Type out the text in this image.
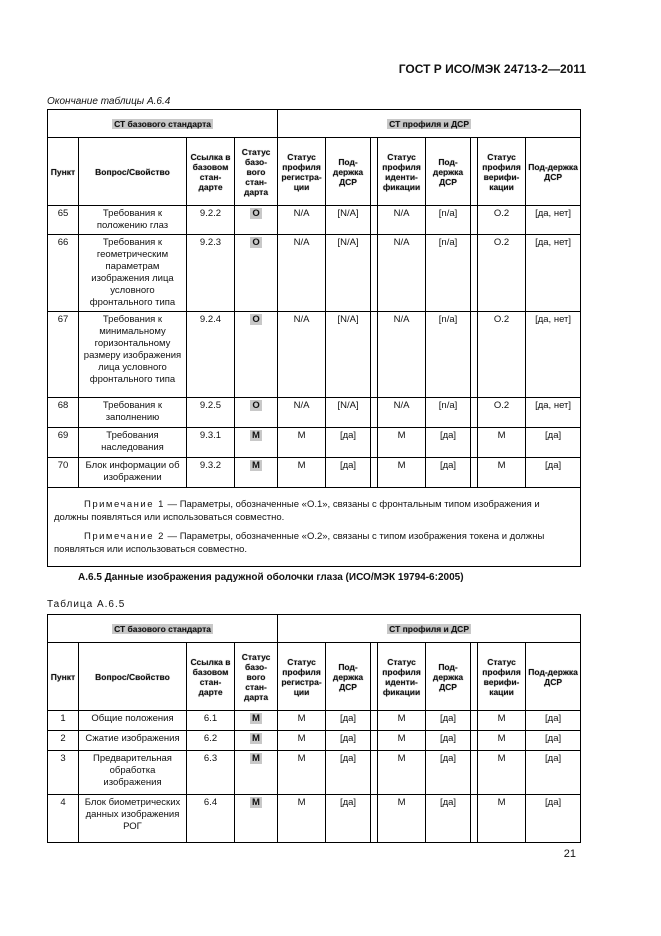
ГОСТ Р ИСО/МЭК 24713-2—2011
Окончание таблицы А.6.4
СТ базового стандарта				СТ профиля и ДСР							
Пункт	Вопрос/Свойство	Ссылка в базовом стан-дарте	Статус базо-вого стан-дарта	Статус профиля регистра-ции	Под-держка ДСР		Статус профиля иденти-фикации	Под-держка ДСР		Статус профиля верифи-кации	Под-держка ДСР
65	Требования к положению глаз	9.2.2	О	N/A	[N/A]		N/A	[n/a]		O.2	[да, нет]
66	Требования к геометрическим параметрам изображения лица условного фронтального типа	9.2.3	О	N/A	[N/A]		N/A	[n/a]		O.2	[да, нет]
67	Требования к минимальному горизонтальному размеру изображения лица условного фронтального типа	9.2.4	О	N/A	[N/A]		N/A	[n/a]		O.2	[да, нет]
68	Требования к заполнению	9.2.5	О	N/A	[N/A]		N/A	[n/a]		O.2	[да, нет]
69	Требования наследования	9.3.1	M	M	[да]		M	[да]		M	[да]
70	Блок информации об изображении	9.3.2	M	M	[да]		M	[да]		M	[да]

Примечание 1 — Параметры, обозначенные «О.1», связаны с фронтальным типом изображения и должны появляться или использоваться совместно.

Примечание 2 — Параметры, обозначенные «О.2», связаны с типом изображения токена и должны появляться или использоваться совместно.											

А.6.5 Данные изображения радужной оболочки глаза (ИСО/МЭК 19794-6:2005)
Таблица А.6.5
СТ базового стандарта				СТ профиля и ДСР							
Пункт	Вопрос/Свойство	Ссылка в базовом стан-дарте	Статус базо-вого стан-дарта	Статус профиля регистра-ции	Под-держка ДСР		Статус профиля иденти-фикации	Под-держка ДСР		Статус профиля верифи-кации	Под-держка ДСР
1	Общие положения	6.1	M	M	[да]		M	[да]		M	[да]
2	Сжатие изображения	6.2	M	M	[да]		M	[да]		M	[да]
3	Предварительная обработка изображения	6.3	M	M	[да]		M	[да]		M	[да]
4	Блок биометрических данных изображения РОГ	6.4	M	M	[да]		M	[да]		M	[да]
21
